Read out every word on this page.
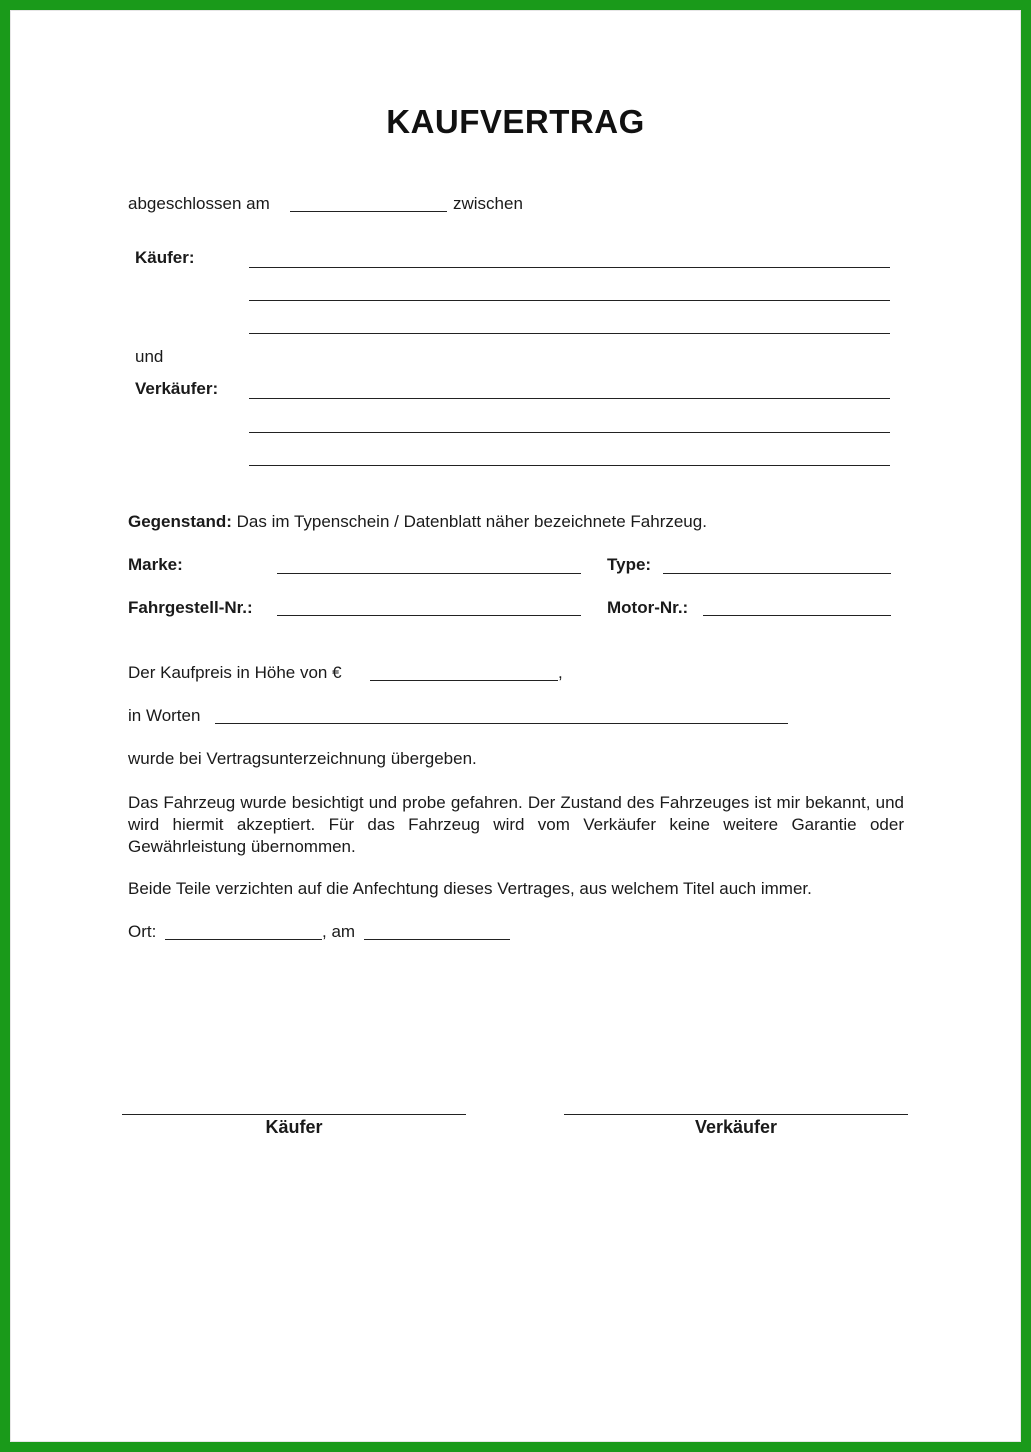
KAUFVERTRAG
abgeschlossen am	zwischen
Käufer:
und
Verkäufer:
Gegenstand: Das im Typenschein / Datenblatt näher bezeichnete Fahrzeug.
Marke:	Type:
Fahrgestell-Nr.:	Motor-Nr.:
Der Kaufpreis in Höhe von €	,
in Worten
wurde bei Vertragsunterzeichnung übergeben.
Das Fahrzeug wurde besichtigt und probe gefahren. Der Zustand des Fahrzeuges ist mir bekannt, und wird hiermit akzeptiert. Für das Fahrzeug wird vom Verkäufer keine weitere Garantie oder Gewährleistung übernommen.
Beide Teile verzichten auf die Anfechtung dieses Vertrages, aus welchem Titel auch immer.
Ort:	, am
Käufer	Verkäufer
